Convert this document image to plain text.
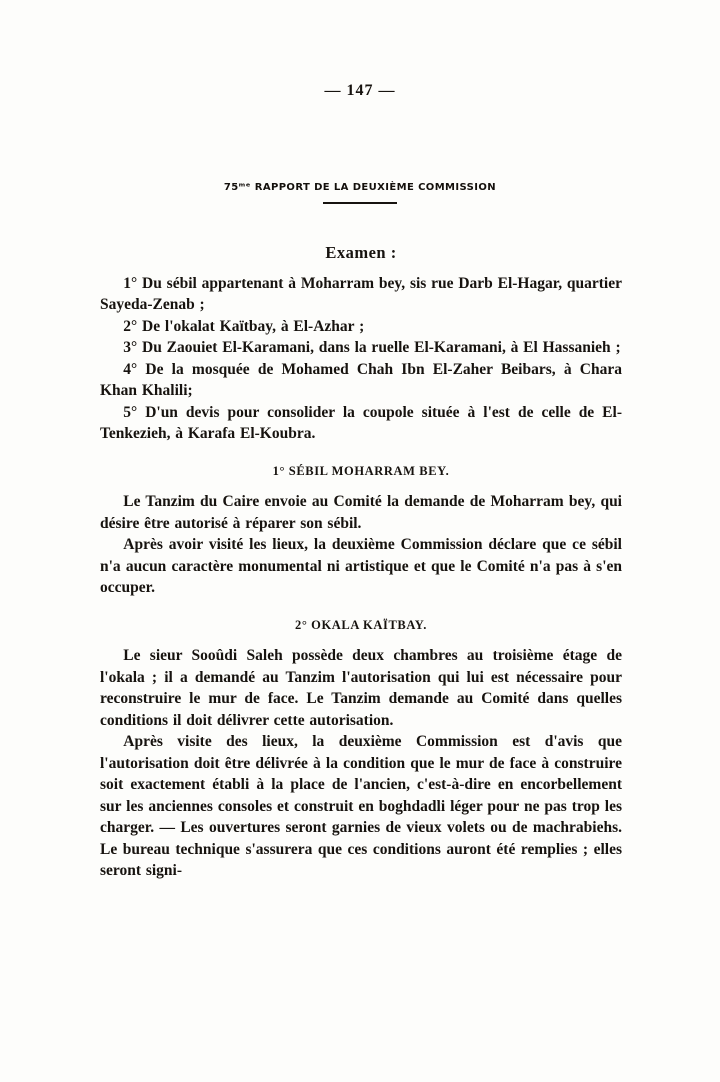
— 147 —
75ᵐᵉ RAPPORT DE LA DEUXIÈME COMMISSION
Examen :

1° Du sébil appartenant à Moharram bey, sis rue Darb El-Hagar, quartier Sayeda-Zenab ;

2° De l'okalat Kaïtbay, à El-Azhar ;

3° Du Zaouiet El-Karamani, dans la ruelle El-Karamani, à El Hassanieh ;

4° De la mosquée de Mohamed Chah Ibn El-Zaher Beibars, à Chara Khan Khalili;

5° D'un devis pour consolider la coupole située à l'est de celle de El-Tenkezieh, à Karafa El-Koubra.

1° SÉBIL MOHARRAM BEY.

Le Tanzim du Caire envoie au Comité la demande de Moharram bey, qui désire être autorisé à réparer son sébil.

Après avoir visité les lieux, la deuxième Commission déclare que ce sébil n'a aucun caractère monumental ni artistique et que le Comité n'a pas à s'en occuper.

2° OKALA KAÏTBAY.

Le sieur Sooûdi Saleh possède deux chambres au troisième étage de l'okala ; il a demandé au Tanzim l'autorisation qui lui est nécessaire pour reconstruire le mur de face. Le Tanzim demande au Comité dans quelles conditions il doit délivrer cette autorisation.

Après visite des lieux, la deuxième Commission est d'avis que l'autorisation doit être délivrée à la condition que le mur de face à construire soit exactement établi à la place de l'ancien, c'est-à-dire en encorbellement sur les anciennes consoles et construit en boghdadli léger pour ne pas trop les charger. — Les ouvertures seront garnies de vieux volets ou de machrabiehs. Le bureau technique s'assurera que ces conditions auront été remplies ; elles seront signi-
